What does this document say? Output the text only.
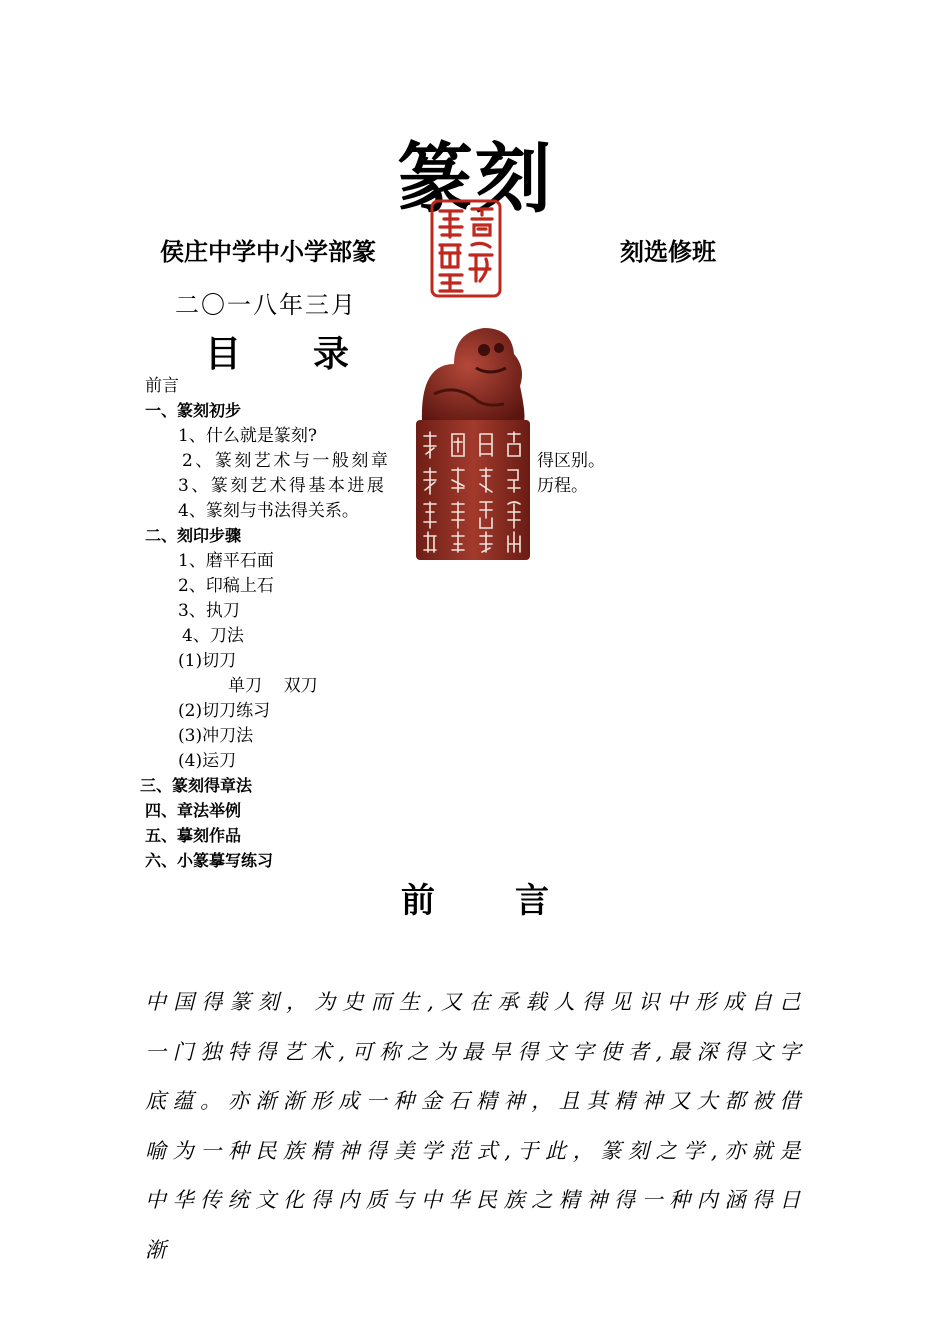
篆刻
侯庄中学中小学部篆	刻选修班
二〇一八年三月
目 录
前言
一、篆刻初步
1、什么就是篆刻?
2、篆刻艺术与一般刻章	得区别。
3、篆刻艺术得基本进展	历程。
4、篆刻与书法得关系。
二、刻印步骤
1、磨平石面
2、印稿上石
3、执刀
4、刀法
(1)切刀
单刀    双刀
(2)切刀练习
(3)冲刀法
(4)运刀
三、篆刻得章法
四、章法举例
五、摹刻作品
六、小篆摹写练习
前 言
中国得篆刻，为史而生,又在承载人得见识中形成自己一门独特得艺术,可称之为最早得文字使者,最深得文字底蕴。亦渐渐形成一种金石精神，且其精神又大都被借喻为一种民族精神得美学范式,于此，篆刻之学,亦就是中华传统文化得内质与中华民族之精神得一种内涵得日渐
